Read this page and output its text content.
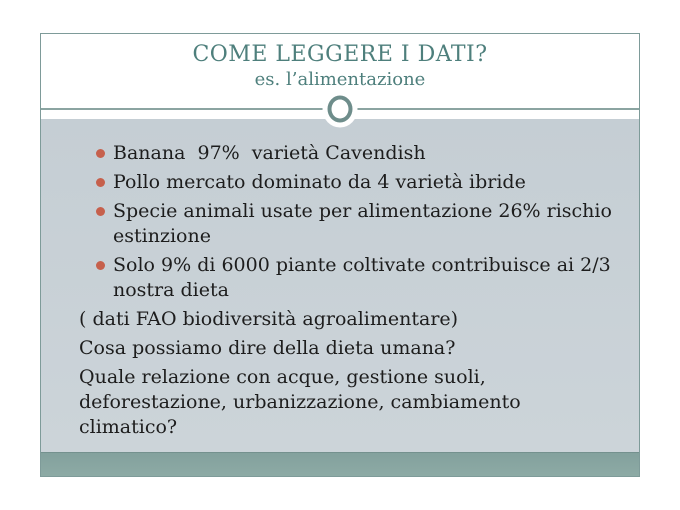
COME LEGGERE I DATI?
es. l’alimentazione
Banana  97%  varietà Cavendish
Pollo mercato dominato da 4 varietà ibride
Specie animali usate per alimentazione 26% rischio
estinzione
Solo 9% di 6000 piante coltivate contribuisce ai 2/3
nostra dieta
( dati FAO biodiversità agroalimentare)
Cosa possiamo dire della dieta umana?
Quale relazione con acque, gestione suoli,
deforestazione, urbanizzazione, cambiamento
climatico?
